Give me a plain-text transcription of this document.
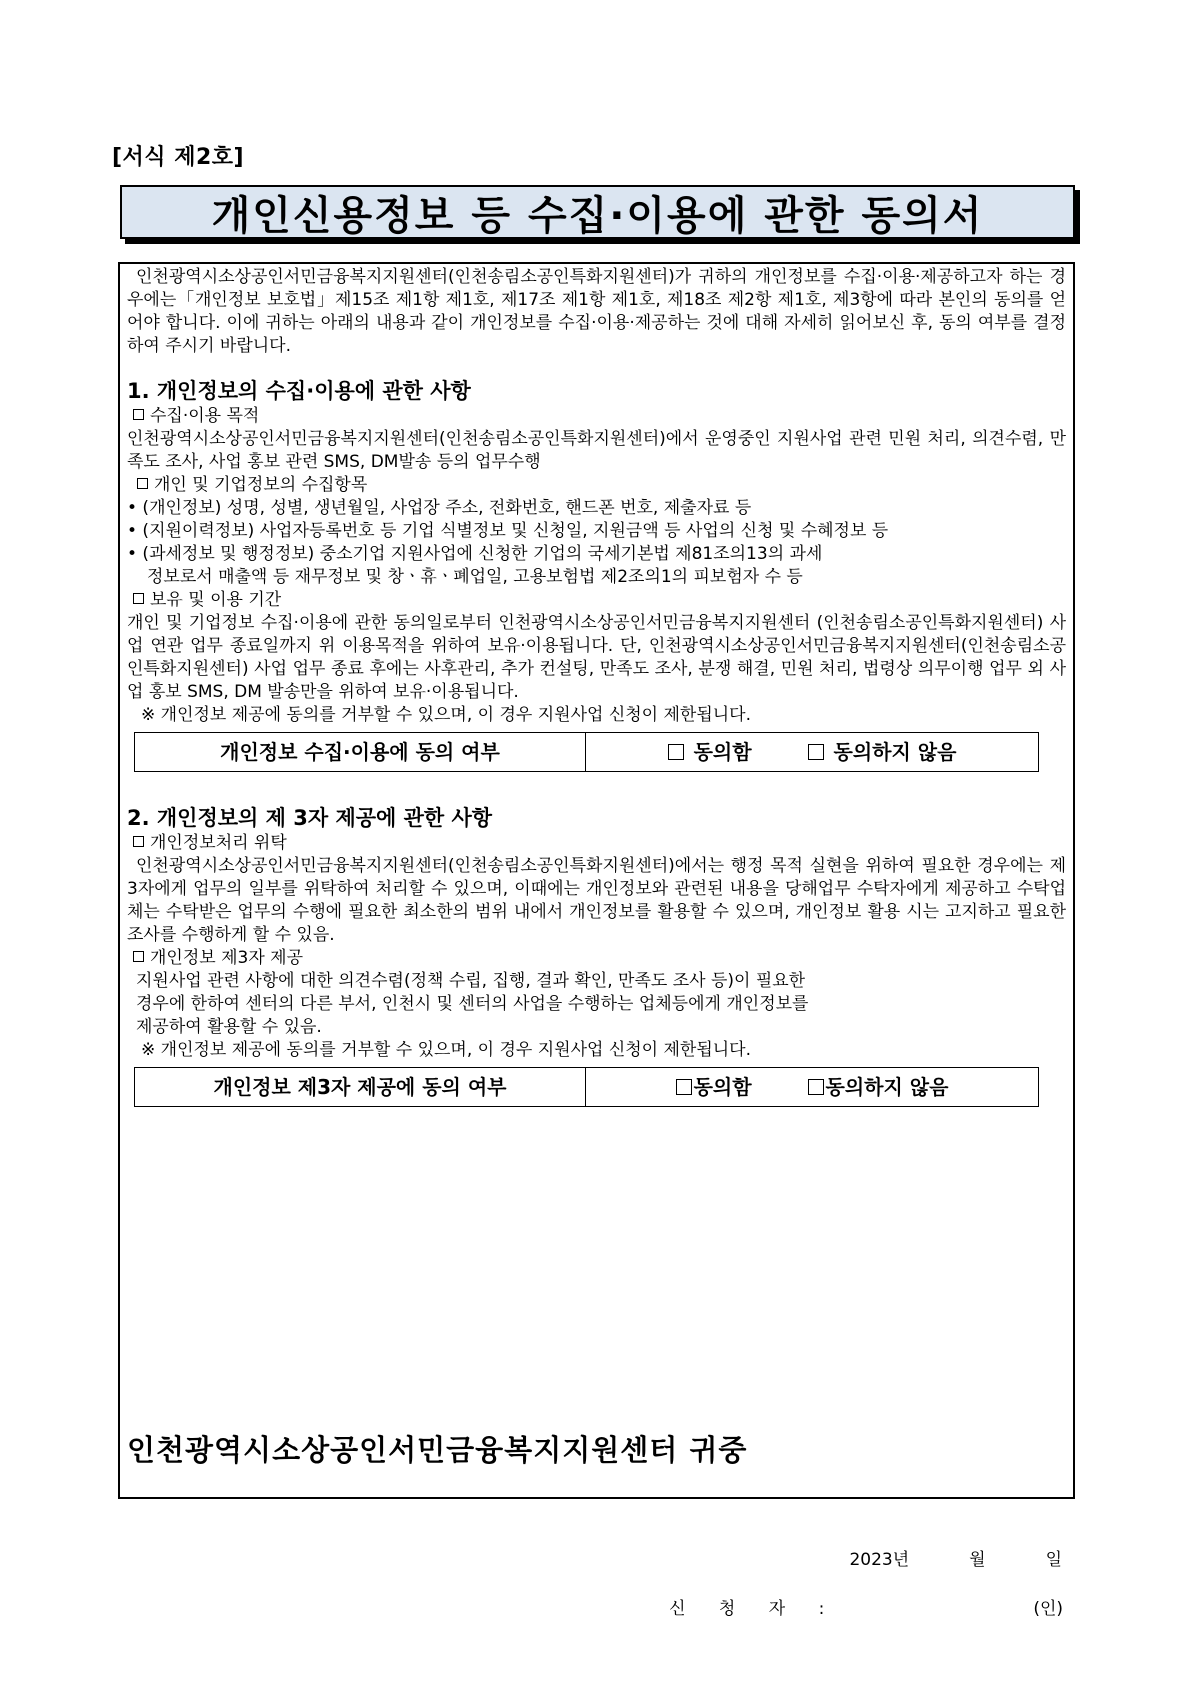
[서식 제2호]
개인신용정보 등 수집·이용에 관한 동의서

인천광역시소상공인서민금융복지지원센터(인천송림소공인특화지원센터)가 귀하의 개인정보를 수집·이용·제공하고자 하는 경우에는「개인정보 보호법」제15조 제1항 제1호, 제17조 제1항 제1호, 제18조 제2항 제1호, 제3항에 따라 본인의 동의를 얻어야 합니다. 이에 귀하는 아래의 내용과 같이 개인정보를 수집·이용·제공하는 것에 대해 자세히 읽어보신 후, 동의 여부를 결정하여 주시기 바랍니다.

1. 개인정보의 수집·이용에 관한 사항

수집·이용 목적

인천광역시소상공인서민금융복지지원센터(인천송림소공인특화지원센터)에서 운영중인 지원사업 관련 민원 처리, 의견수렴, 만족도 조사, 사업 홍보 관련 SMS, DM발송 등의 업무수행

개인 및 기업정보의 수집항목

• (개인정보) 성명, 성별, 생년월일, 사업장 주소, 전화번호, 핸드폰 번호, 제출자료 등

• (지원이력정보) 사업자등록번호 등 기업 식별정보 및 신청일, 지원금액 등 사업의 신청 및 수혜정보 등

• (과세정보 및 행정정보) 중소기업 지원사업에 신청한 기업의 국세기본법 제81조의13의 과세

정보로서 매출액 등 재무정보 및 창ㆍ휴ㆍ폐업일, 고용보험법 제2조의1의 피보험자 수 등

보유 및 이용 기간

개인 및 기업정보 수집·이용에 관한 동의일로부터 인천광역시소상공인서민금융복지지원센터 (인천송림소공인특화지원센터) 사업 연관 업무 종료일까지 위 이용목적을 위하여 보유·이용됩니다. 단, 인천광역시소상공인서민금융복지지원센터(인천송림소공인특화지원센터) 사업 업무 종료 후에는 사후관리, 추가 컨설팅, 만족도 조사, 분쟁 해결, 민원 처리, 법령상 의무이행 업무 외 사업 홍보 SMS, DM 발송만을 위하여 보유·이용됩니다.

※ 개인정보 제공에 동의를 거부할 수 있으며, 이 경우 지원사업 신청이 제한됩니다.

개인정보 수집·이용에 동의 여부	동의함	동의하지 않음

2. 개인정보의 제 3자 제공에 관한 사항

개인정보처리 위탁

인천광역시소상공인서민금융복지지원센터(인천송림소공인특화지원센터)에서는 행정 목적 실현을 위하여 필요한 경우에는 제 3자에게 업무의 일부를 위탁하여 처리할 수 있으며, 이때에는 개인정보와 관련된 내용을 당해업무 수탁자에게 제공하고 수탁업체는 수탁받은 업무의 수행에 필요한 최소한의 범위 내에서 개인정보를 활용할 수 있으며, 개인정보 활용 시는 고지하고 필요한 조사를 수행하게 할 수 있음.

개인정보 제3자 제공

지원사업 관련 사항에 대한 의견수렴(정책 수립, 집행, 결과 확인, 만족도 조사 등)이 필요한

경우에 한하여 센터의 다른 부서, 인천시 및 센터의 사업을 수행하는 업체등에게 개인정보를

제공하여 활용할 수 있음.

※ 개인정보 제공에 동의를 거부할 수 있으며, 이 경우 지원사업 신청이 제한됩니다.

개인정보 제3자 제공에 동의 여부	동의함	동의하지 않음
2023년	월	일
신 청 자 :	(인)
인천광역시소상공인서민금융복지지원센터 귀중
